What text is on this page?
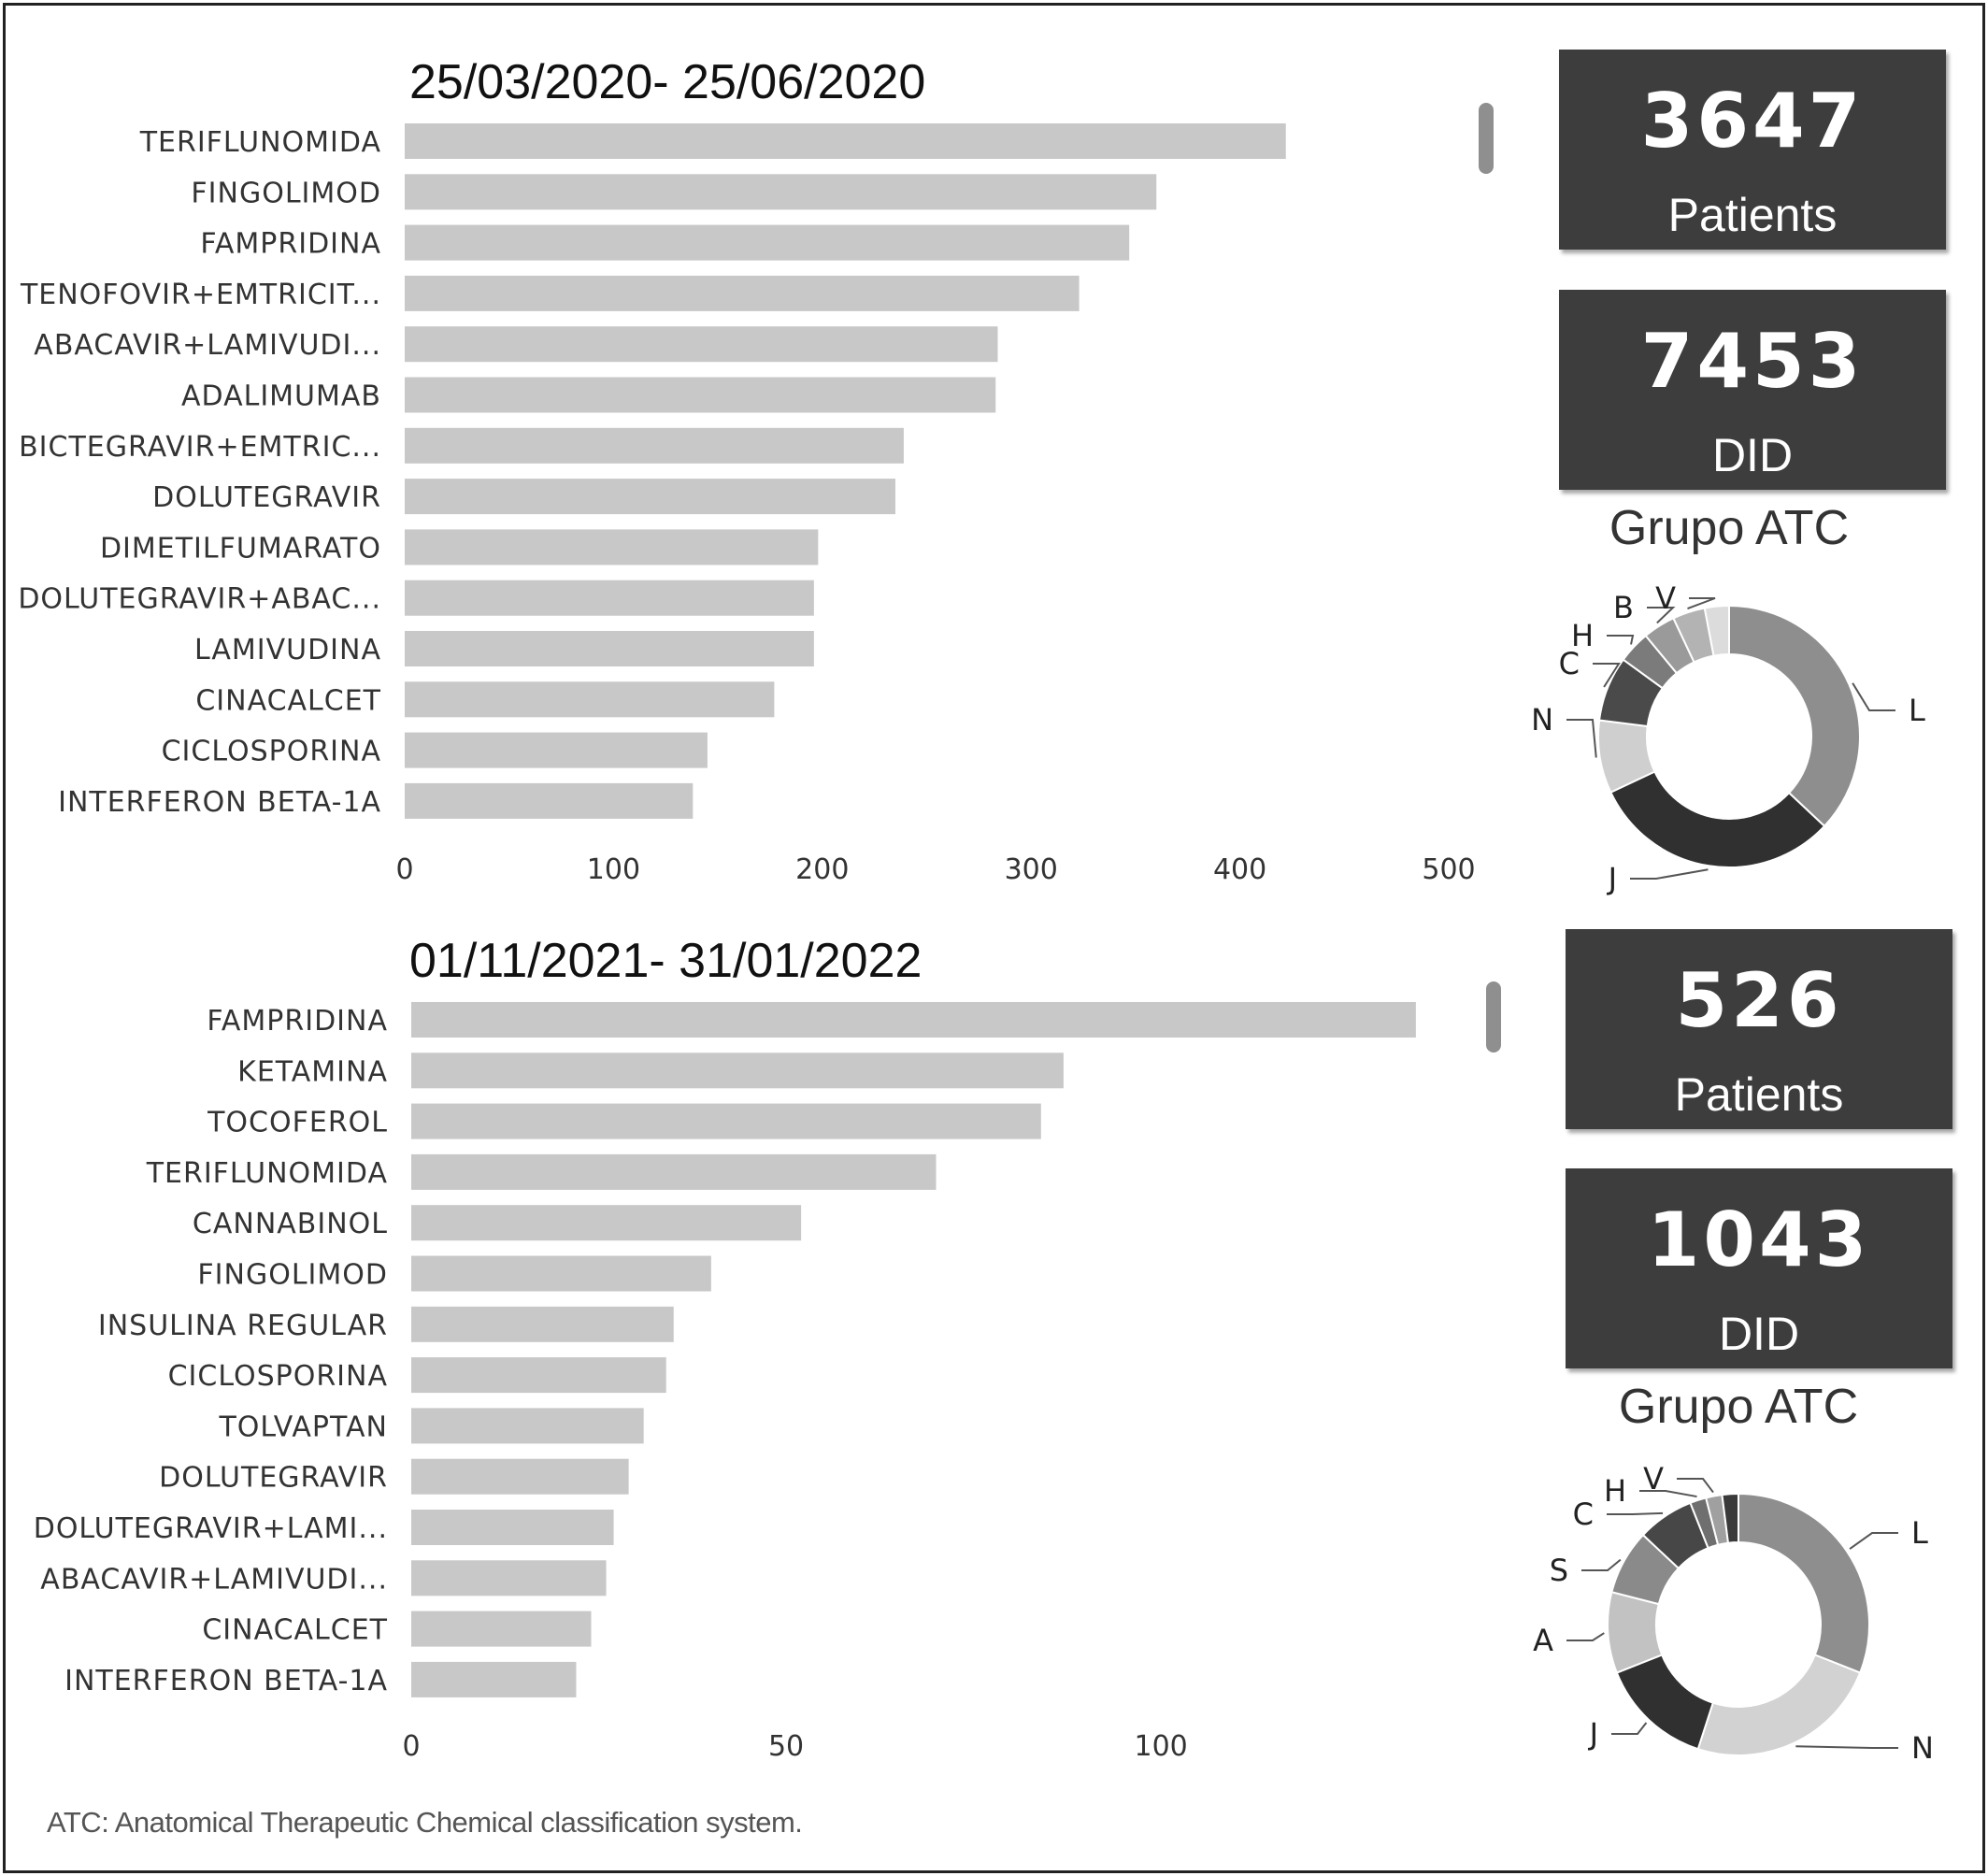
25/03/2020- 25/06/2020
TERIFLUNOMIDA
FINGOLIMOD
FAMPRIDINA
TENOFOVIR+EMTRICIT...
ABACAVIR+LAMIVUDI...
ADALIMUMAB
BICTEGRAVIR+EMTRIC...
DOLUTEGRAVIR
DIMETILFUMARATO
DOLUTEGRAVIR+ABAC...
LAMIVUDINA
CINACALCET
CICLOSPORINA
INTERFERON BETA-1A
0	100	200	300	400	500
3647
Patients
7453
DID
Grupo ATC
L
J
N
C
H
B V
01/11/2021- 31/01/2022
FAMPRIDINA
KETAMINA
TOCOFEROL
TERIFLUNOMIDA
CANNABINOL
FINGOLIMOD
INSULINA REGULAR
CICLOSPORINA
TOLVAPTAN
DOLUTEGRAVIR
DOLUTEGRAVIR+LAMI...
ABACAVIR+LAMIVUDI...
CINACALCET
INTERFERON BETA-1A
0	50	100
526
Patients
1043
DID
Grupo ATC
L
N
J
A
S
C
H V
ATC: Anatomical Therapeutic Chemical classification system.
